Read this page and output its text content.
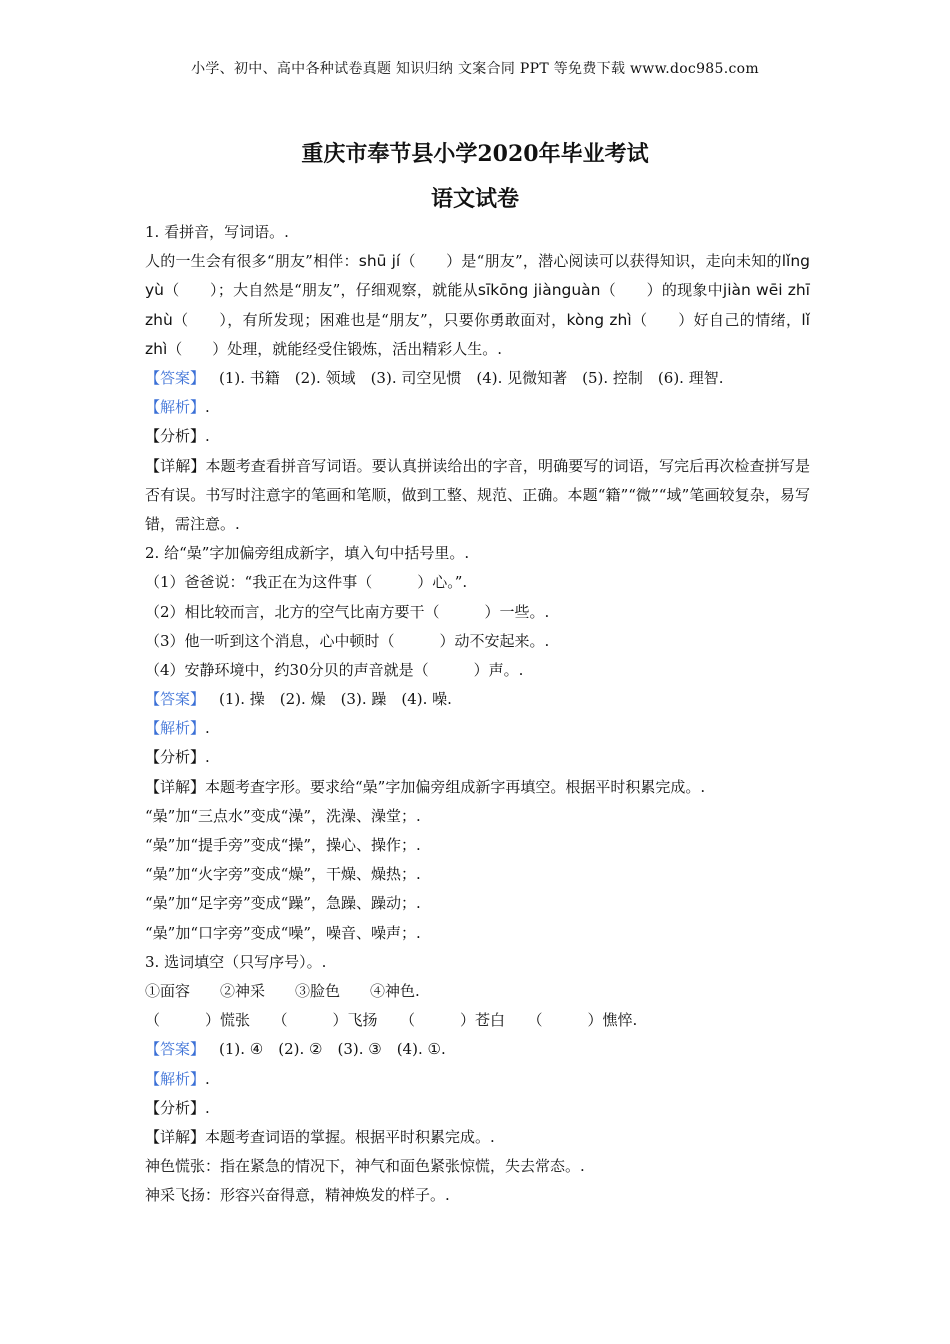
小学、初中、高中各种试卷真题 知识归纳 文案合同 PPT 等免费下载 www.doc985.com
重庆市奉节县小学2020年毕业考试
语文试卷
1. 看拼音，写词语。.
人的一生会有很多“朋友”相伴：shū jí（　　）是“朋友”，潜心阅读可以获得知识，走向未知的lǐng yù（　　）；大自然是“朋友”，仔细观察，就能从sīkōng jiànguàn（　　）的现象中jiàn wēi zhī zhù（　　），有所发现；困难也是“朋友”，只要你勇敢面对，kòng zhì（　　）好自己的情绪，lǐ zhì（　　）处理，就能经受住锻炼，活出精彩人生。.
【答案】 (1). 书籍　(2). 领域　(3). 司空见惯　(4). 见微知著　(5). 控制　(6). 理智.
【解析】.
【分析】.
【详解】本题考查看拼音写词语。要认真拼读给出的字音，明确要写的词语，写完后再次检查拼写是否有误。书写时注意字的笔画和笔顺，做到工整、规范、正确。本题“籍”“微”“域”笔画较复杂，易写错，需注意。.
2. 给“喿”字加偏旁组成新字，填入句中括号里。.
（1）爸爸说：“我正在为这件事（　　　）心。”.
（2）相比较而言，北方的空气比南方要干（　　　）一些。.
（3）他一听到这个消息，心中顿时（　　　）动不安起来。.
（4）安静环境中，约30分贝的声音就是（　　　）声。.
【答案】 (1). 操　(2). 燥　(3). 躁　(4). 噪.
【解析】.
【分析】.
【详解】本题考查字形。要求给“喿”字加偏旁组成新字再填空。根据平时积累完成。.
“喿”加“三点水”变成“澡”，洗澡、澡堂；.
“喿”加“提手旁”变成“操”，操心、操作；.
“喿”加“火字旁”变成“燥”，干燥、燥热；.
“喿”加“足字旁”变成“躁”，急躁、躁动；.
“喿”加“口字旁”变成“噪”，噪音、噪声；.
3. 选词填空（只写序号）。.
①面容　　②神采　　③脸色　　④神色.
（　　　）慌张　　（　　　）飞扬　　（　　　）苍白　　（　　　）憔悴.
【答案】 (1). ④　(2). ②　(3). ③　(4). ①.
【解析】.
【分析】.
【详解】本题考查词语的掌握。根据平时积累完成。.
神色慌张：指在紧急的情况下，神气和面色紧张惊慌，失去常态。.
神采飞扬：形容兴奋得意，精神焕发的样子。.
